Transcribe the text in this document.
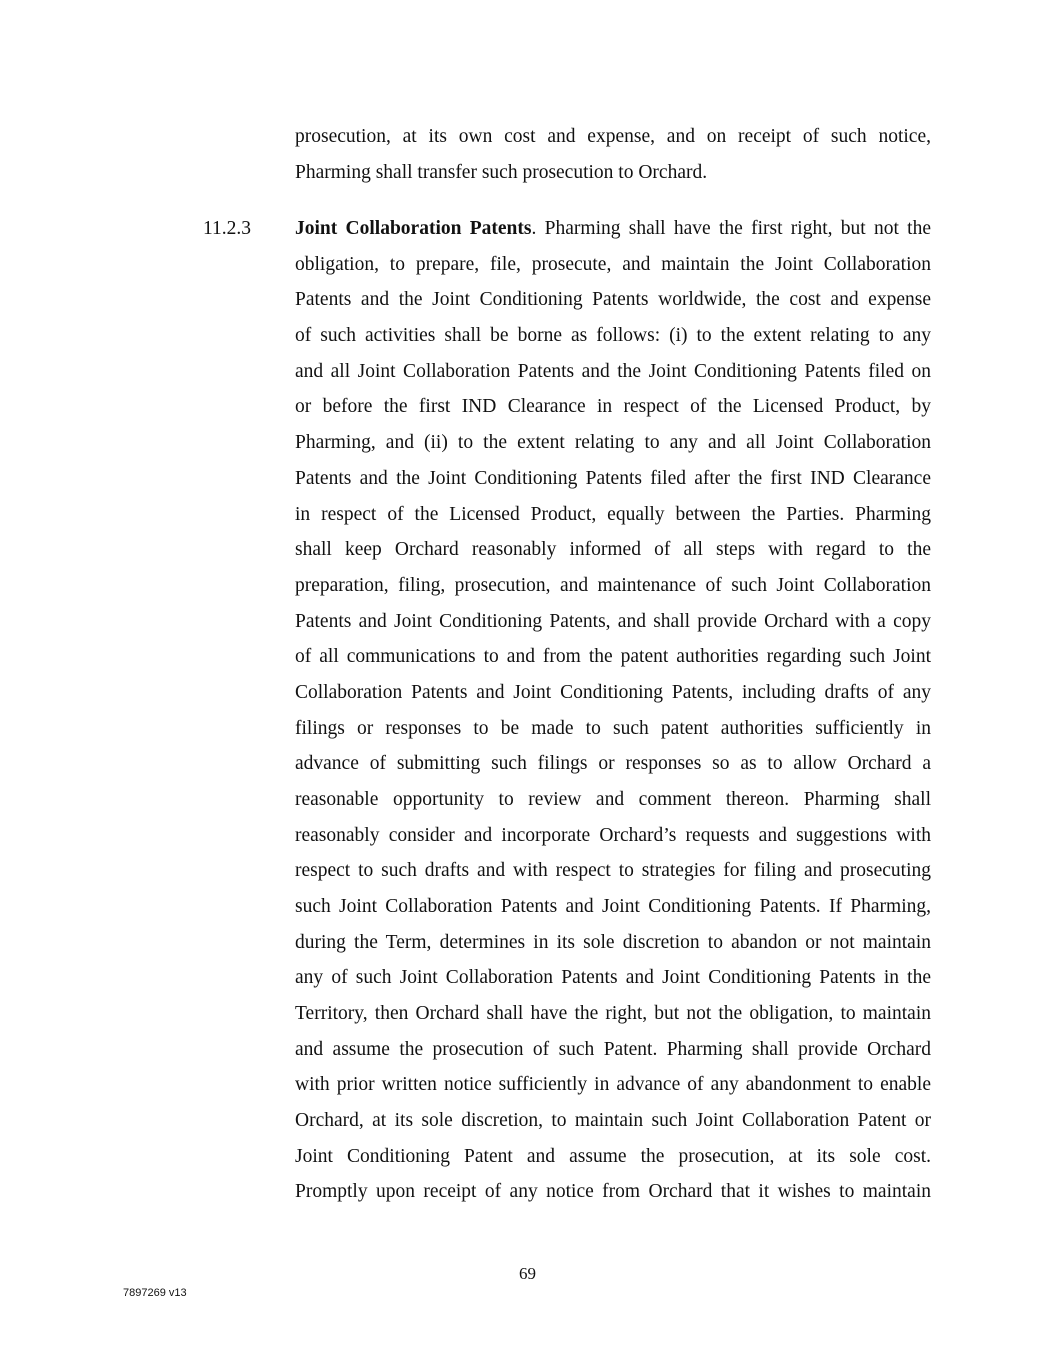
prosecution, at its own cost and expense, and on receipt of such notice,
Pharming shall transfer such prosecution to Orchard.
11.2.3 Joint Collaboration Patents. Pharming shall have the first right, but not the
obligation, to prepare, file, prosecute, and maintain the Joint Collaboration
Patents and the Joint Conditioning Patents worldwide, the cost and expense
of such activities shall be borne as follows: (i) to the extent relating to any
and all Joint Collaboration Patents and the Joint Conditioning Patents filed on
or before the first IND Clearance in respect of the Licensed Product, by
Pharming, and (ii) to the extent relating to any and all Joint Collaboration
Patents and the Joint Conditioning Patents filed after the first IND Clearance
in respect of the Licensed Product, equally between the Parties. Pharming
shall keep Orchard reasonably informed of all steps with regard to the
preparation, filing, prosecution, and maintenance of such Joint Collaboration
Patents and Joint Conditioning Patents, and shall provide Orchard with a copy
of all communications to and from the patent authorities regarding such Joint
Collaboration Patents and Joint Conditioning Patents, including drafts of any
filings or responses to be made to such patent authorities sufficiently in
advance of submitting such filings or responses so as to allow Orchard a
reasonable opportunity to review and comment thereon. Pharming shall
reasonably consider and incorporate Orchard’s requests and suggestions with
respect to such drafts and with respect to strategies for filing and prosecuting
such Joint Collaboration Patents and Joint Conditioning Patents. If Pharming,
during the Term, determines in its sole discretion to abandon or not maintain
any of such Joint Collaboration Patents and Joint Conditioning Patents in the
Territory, then Orchard shall have the right, but not the obligation, to maintain
and assume the prosecution of such Patent. Pharming shall provide Orchard
with prior written notice sufficiently in advance of any abandonment to enable
Orchard, at its sole discretion, to maintain such Joint Collaboration Patent or
Joint Conditioning Patent and assume the prosecution, at its sole cost.
Promptly upon receipt of any notice from Orchard that it wishes to maintain
69
7897269 v13
